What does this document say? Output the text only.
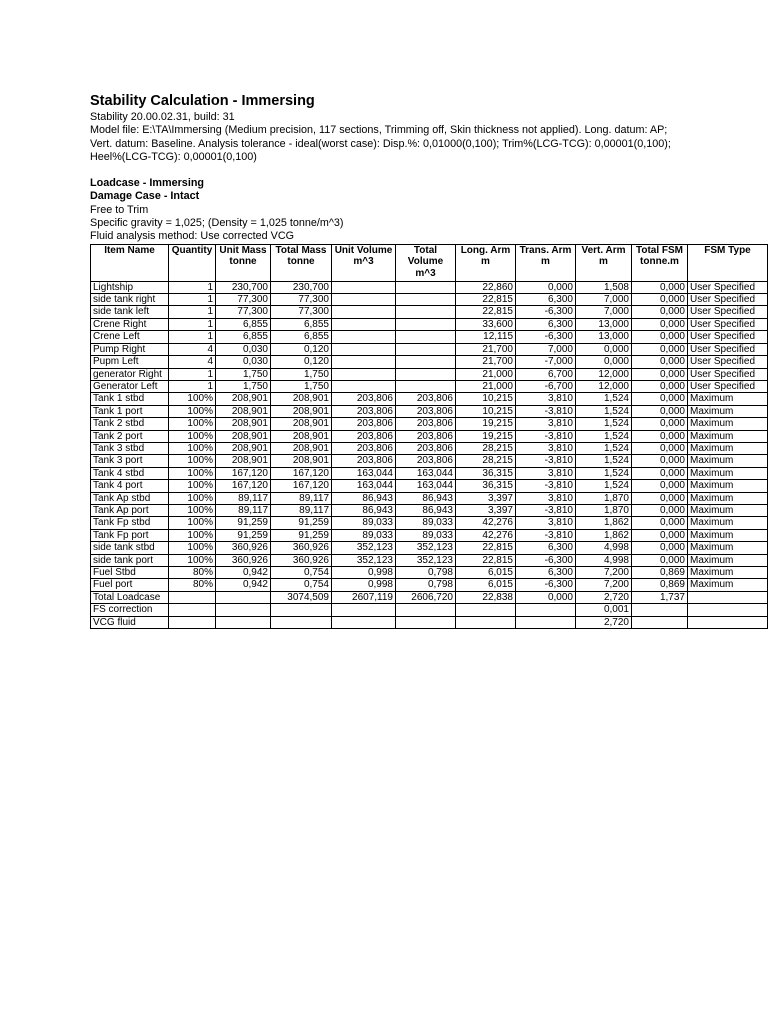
Stability Calculation - Immersing
Stability 20.00.02.31, build: 31
Model file: E:\TA\Immersing (Medium precision, 117 sections, Trimming off, Skin thickness not applied). Long. datum: AP; Vert. datum: Baseline. Analysis tolerance - ideal(worst case): Disp.%: 0,01000(0,100); Trim%(LCG-TCG): 0,00001(0,100); Heel%(LCG-TCG): 0,00001(0,100)
Loadcase - Immersing
Damage Case - Intact
Free to Trim
Specific gravity = 1,025; (Density = 1,025 tonne/m^3)
Fluid analysis method: Use corrected VCG
Item Name	Quantity	Unit Mass tonne	Total Mass tonne	Unit Volume m^3	Total Volume m^3	Long. Arm m	Trans. Arm m	Vert. Arm m	Total FSM tonne.m	FSM Type
Lightship	1	230,700	230,700			22,860	0,000	1,508	0,000	User Specified
side tank right	1	77,300	77,300			22,815	6,300	7,000	0,000	User Specified
side tank left	1	77,300	77,300			22,815	-6,300	7,000	0,000	User Specified
Crene Right	1	6,855	6,855			33,600	6,300	13,000	0,000	User Specified
Crene Left	1	6,855	6,855			12,115	-6,300	13,000	0,000	User Specified
Pump Right	4	0,030	0,120			21,700	7,000	0,000	0,000	User Specified
Pupm Left	4	0,030	0,120			21,700	-7,000	0,000	0,000	User Specified
generator Right	1	1,750	1,750			21,000	6,700	12,000	0,000	User Specified
Generator Left	1	1,750	1,750			21,000	-6,700	12,000	0,000	User Specified
Tank 1 stbd	100%	208,901	208,901	203,806	203,806	10,215	3,810	1,524	0,000	Maximum
Tank 1 port	100%	208,901	208,901	203,806	203,806	10,215	-3,810	1,524	0,000	Maximum
Tank 2 stbd	100%	208,901	208,901	203,806	203,806	19,215	3,810	1,524	0,000	Maximum
Tank 2 port	100%	208,901	208,901	203,806	203,806	19,215	-3,810	1,524	0,000	Maximum
Tank 3 stbd	100%	208,901	208,901	203,806	203,806	28,215	3,810	1,524	0,000	Maximum
Tank 3 port	100%	208,901	208,901	203,806	203,806	28,215	-3,810	1,524	0,000	Maximum
Tank 4 stbd	100%	167,120	167,120	163,044	163,044	36,315	3,810	1,524	0,000	Maximum
Tank 4 port	100%	167,120	167,120	163,044	163,044	36,315	-3,810	1,524	0,000	Maximum
Tank Ap stbd	100%	89,117	89,117	86,943	86,943	3,397	3,810	1,870	0,000	Maximum
Tank Ap port	100%	89,117	89,117	86,943	86,943	3,397	-3,810	1,870	0,000	Maximum
Tank Fp stbd	100%	91,259	91,259	89,033	89,033	42,276	3,810	1,862	0,000	Maximum
Tank Fp port	100%	91,259	91,259	89,033	89,033	42,276	-3,810	1,862	0,000	Maximum
side tank stbd	100%	360,926	360,926	352,123	352,123	22,815	6,300	4,998	0,000	Maximum
side tank port	100%	360,926	360,926	352,123	352,123	22,815	-6,300	4,998	0,000	Maximum
Fuel Stbd	80%	0,942	0,754	0,998	0,798	6,015	6,300	7,200	0,869	Maximum
Fuel port	80%	0,942	0,754	0,998	0,798	6,015	-6,300	7,200	0,869	Maximum
Total Loadcase			3074,509	2607,119	2606,720	22,838	0,000	2,720	1,737	
FS correction								0,001		
VCG fluid								2,720		
